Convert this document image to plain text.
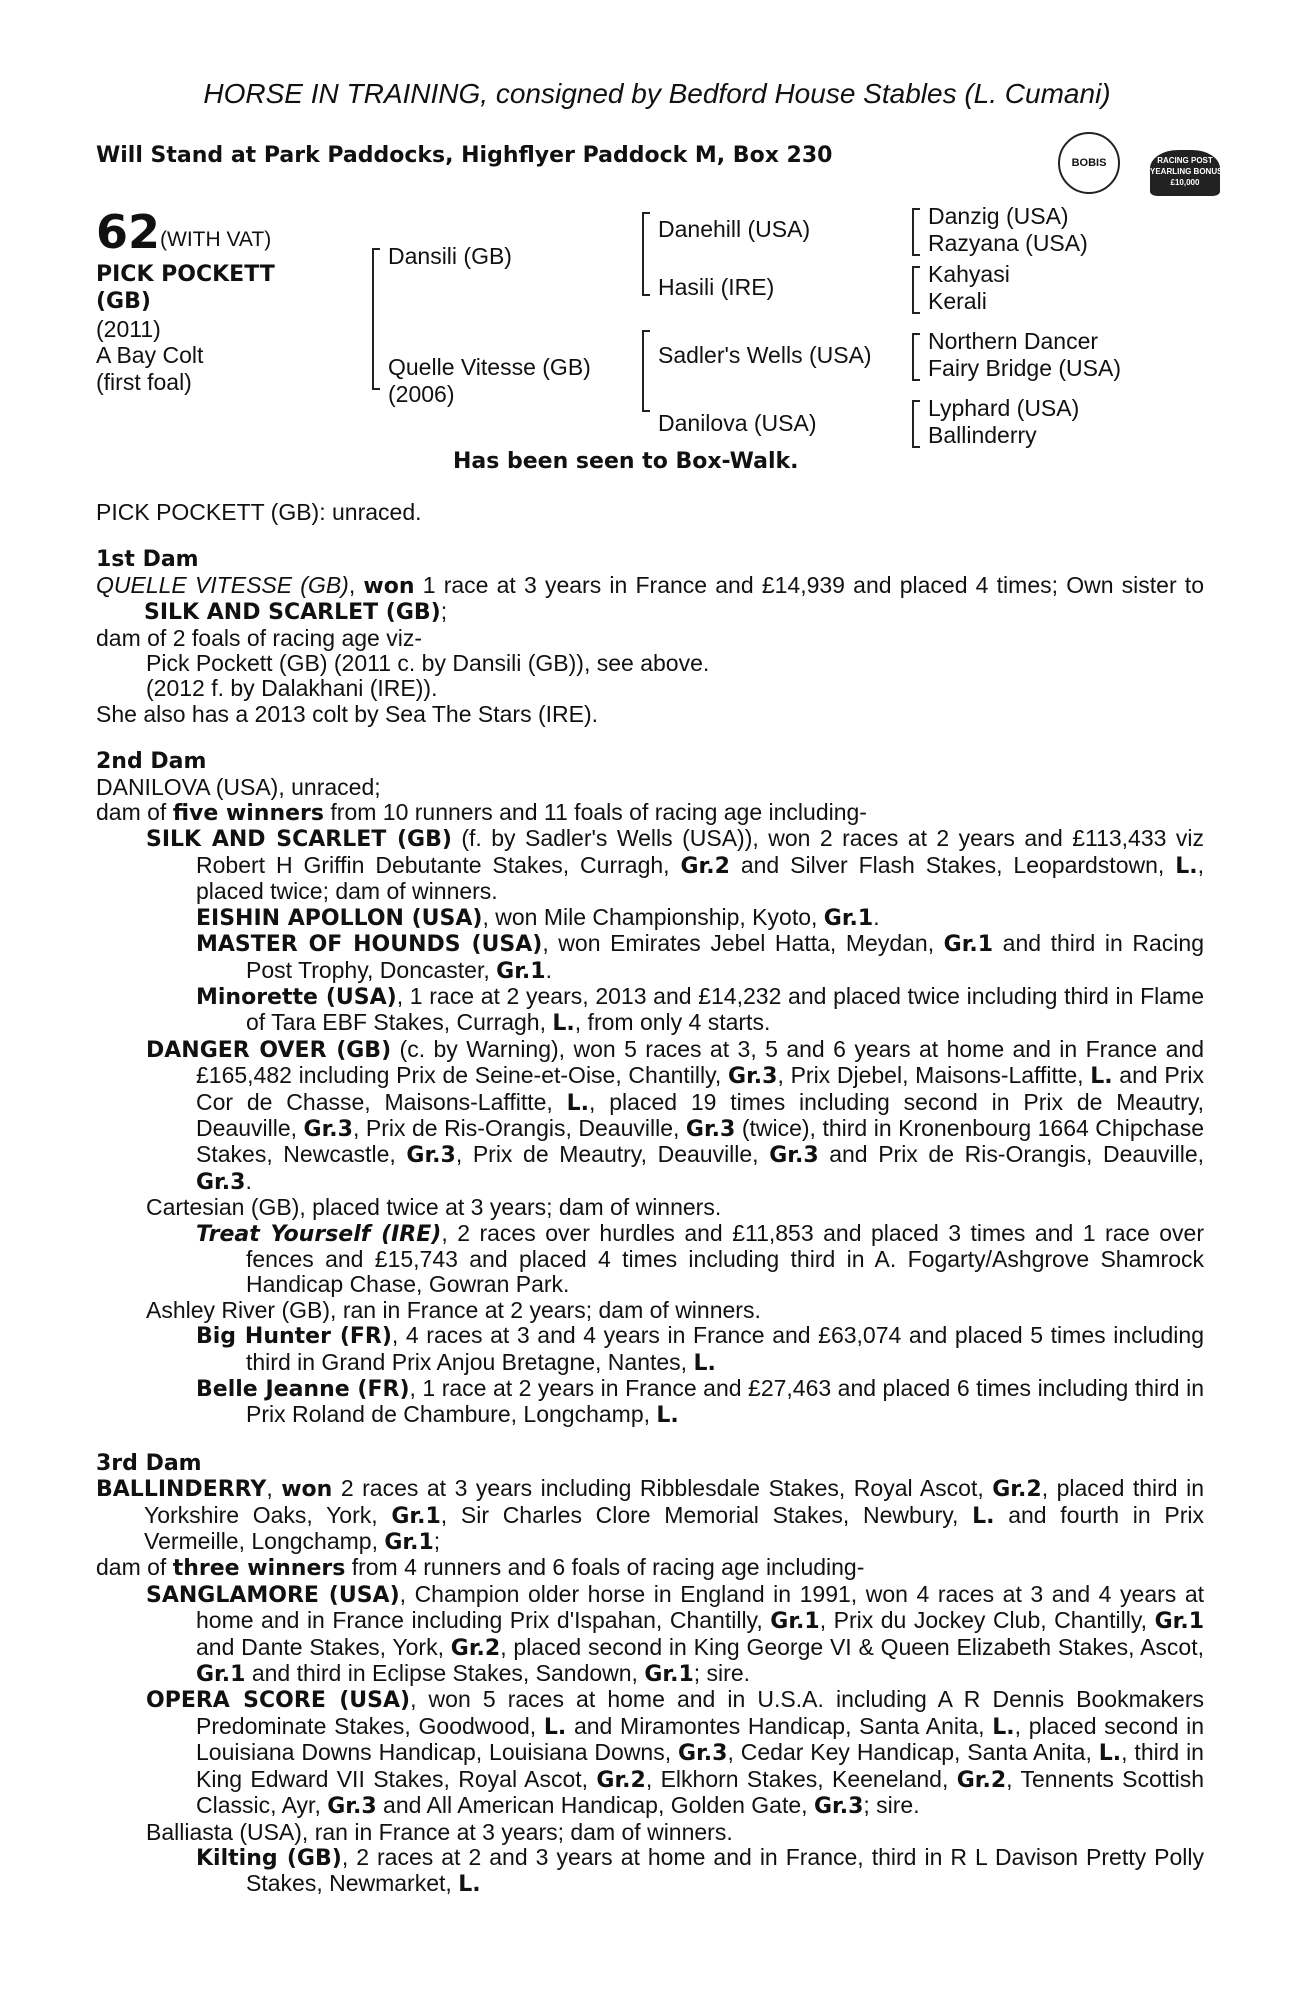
HORSE IN TRAINING, consigned by Bedford House Stables (L. Cumani)
Will Stand at Park Paddocks, Highflyer Paddock M, Box 230	BOBIS	RACING POST
YEARLING BONUS
£10,000
62 (WITH VAT)
PICK POCKETT
(GB)
(2011)
A Bay Colt
(first foal)
Dansili (GB)
Quelle Vitesse (GB)
(2006)
Danehill (USA)
Hasili (IRE)
Sadler's Wells (USA)
Danilova (USA)
Danzig (USA)
Razyana (USA)
Kahyasi
Kerali
Northern Dancer
Fairy Bridge (USA)
Lyphard (USA)
Ballinderry
Has been seen to Box-Walk.

PICK POCKETT (GB): unraced.

1st Dam

QUELLE VITESSE (GB), won 1 race at 3 years in France and £14,939 and placed 4 times; Own sister to SILK AND SCARLET (GB);

dam of 2 foals of racing age viz-

Pick Pockett (GB) (2011 c. by Dansili (GB)), see above.

(2012 f. by Dalakhani (IRE)).

She also has a 2013 colt by Sea The Stars (IRE).

2nd Dam

DANILOVA (USA), unraced;

dam of five winners from 10 runners and 11 foals of racing age including-

SILK AND SCARLET (GB) (f. by Sadler's Wells (USA)), won 2 races at 2 years and £113,433 viz Robert H Griffin Debutante Stakes, Curragh, Gr.2 and Silver Flash Stakes, Leopardstown, L., placed twice; dam of winners.

EISHIN APOLLON (USA), won Mile Championship, Kyoto, Gr.1.

MASTER OF HOUNDS (USA), won Emirates Jebel Hatta, Meydan, Gr.1 and third in Racing Post Trophy, Doncaster, Gr.1.

Minorette (USA), 1 race at 2 years, 2013 and £14,232 and placed twice including third in Flame of Tara EBF Stakes, Curragh, L., from only 4 starts.

DANGER OVER (GB) (c. by Warning), won 5 races at 3, 5 and 6 years at home and in France and £165,482 including Prix de Seine-et-Oise, Chantilly, Gr.3, Prix Djebel, Maisons-Laffitte, L. and Prix Cor de Chasse, Maisons-Laffitte, L., placed 19 times including second in Prix de Meautry, Deauville, Gr.3, Prix de Ris-Orangis, Deauville, Gr.3 (twice), third in Kronenbourg 1664 Chipchase Stakes, Newcastle, Gr.3, Prix de Meautry, Deauville, Gr.3 and Prix de Ris-Orangis, Deauville, Gr.3.

Cartesian (GB), placed twice at 3 years; dam of winners.

Treat Yourself (IRE), 2 races over hurdles and £11,853 and placed 3 times and 1 race over fences and £15,743 and placed 4 times including third in A. Fogarty/Ashgrove Shamrock Handicap Chase, Gowran Park.

Ashley River (GB), ran in France at 2 years; dam of winners.

Big Hunter (FR), 4 races at 3 and 4 years in France and £63,074 and placed 5 times including third in Grand Prix Anjou Bretagne, Nantes, L.

Belle Jeanne (FR), 1 race at 2 years in France and £27,463 and placed 6 times including third in Prix Roland de Chambure, Longchamp, L.

3rd Dam

BALLINDERRY, won 2 races at 3 years including Ribblesdale Stakes, Royal Ascot, Gr.2, placed third in Yorkshire Oaks, York, Gr.1, Sir Charles Clore Memorial Stakes, Newbury, L. and fourth in Prix Vermeille, Longchamp, Gr.1;

dam of three winners from 4 runners and 6 foals of racing age including-

SANGLAMORE (USA), Champion older horse in England in 1991, won 4 races at 3 and 4 years at home and in France including Prix d'Ispahan, Chantilly, Gr.1, Prix du Jockey Club, Chantilly, Gr.1 and Dante Stakes, York, Gr.2, placed second in King George VI & Queen Elizabeth Stakes, Ascot, Gr.1 and third in Eclipse Stakes, Sandown, Gr.1; sire.

OPERA SCORE (USA), won 5 races at home and in U.S.A. including A R Dennis Bookmakers Predominate Stakes, Goodwood, L. and Miramontes Handicap, Santa Anita, L., placed second in Louisiana Downs Handicap, Louisiana Downs, Gr.3, Cedar Key Handicap, Santa Anita, L., third in King Edward VII Stakes, Royal Ascot, Gr.2, Elkhorn Stakes, Keeneland, Gr.2, Tennents Scottish Classic, Ayr, Gr.3 and All American Handicap, Golden Gate, Gr.3; sire.

Balliasta (USA), ran in France at 3 years; dam of winners.

Kilting (GB), 2 races at 2 and 3 years at home and in France, third in R L Davison Pretty Polly Stakes, Newmarket, L.
